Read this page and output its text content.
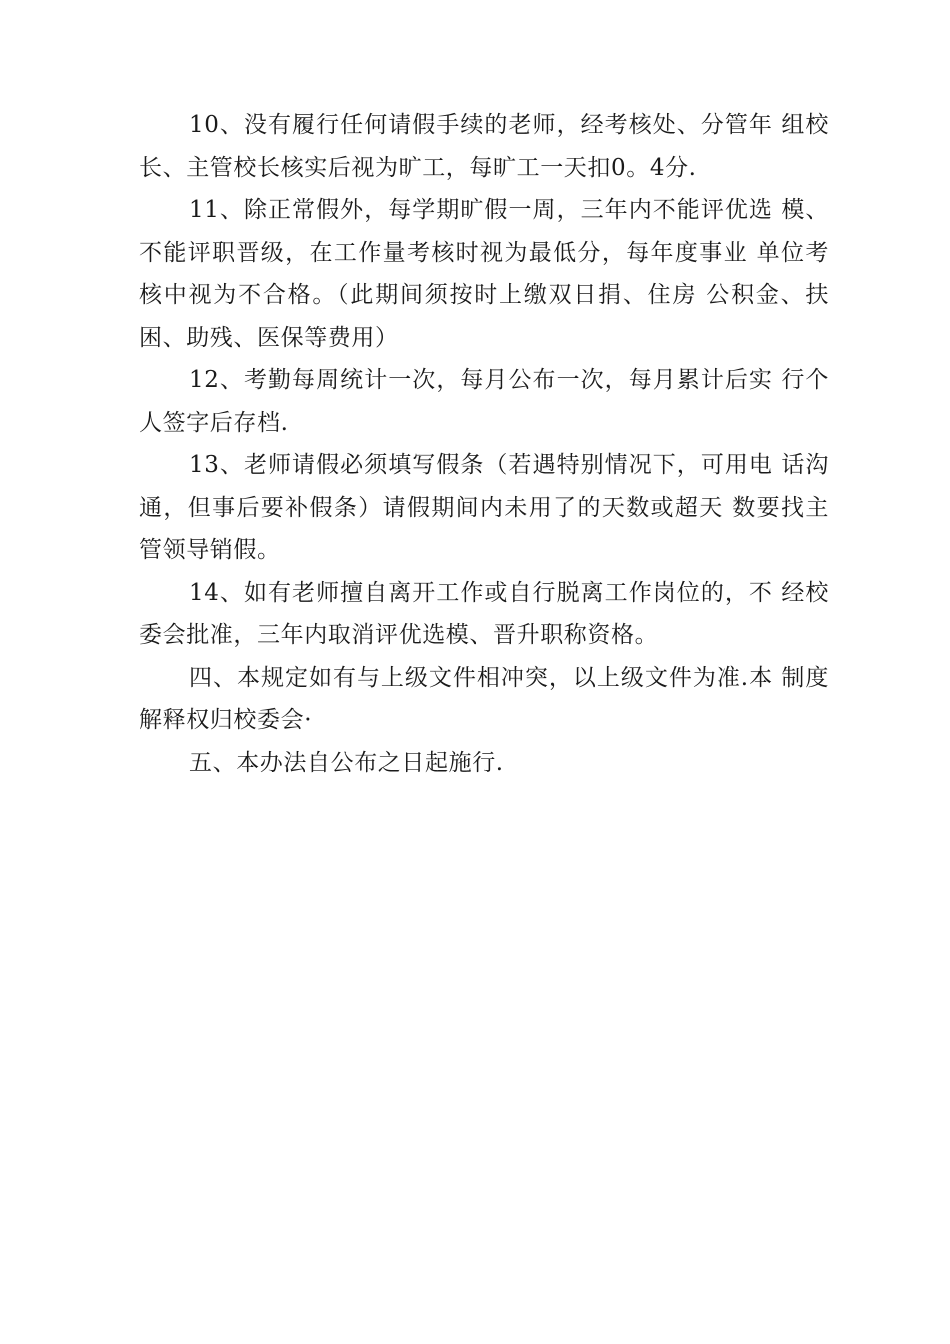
10、没有履行任何请假手续的老师，经考核处、分管年 组校长、主管校长核实后视为旷工，每旷工一天扣0。4分.

11、除正常假外，每学期旷假一周，三年内不能评优选 模、不能评职晋级，在工作量考核时视为最低分，每年度事业 单位考核中视为不合格。（此期间须按时上缴双日捐、住房 公积金、扶困、助残、医保等费用）

12、考勤每周统计一次，每月公布一次，每月累计后实 行个人签字后存档.

13、老师请假必须填写假条（若遇特别情况下，可用电 话沟通，但事后要补假条）请假期间内未用了的天数或超天 数要找主管领导销假。

14、如有老师擅自离开工作或自行脱离工作岗位的，不 经校委会批准，三年内取消评优选模、晋升职称资格。

四、本规定如有与上级文件相冲突，以上级文件为准.本 制度解释权归校委会·

五、本办法自公布之日起施行.
